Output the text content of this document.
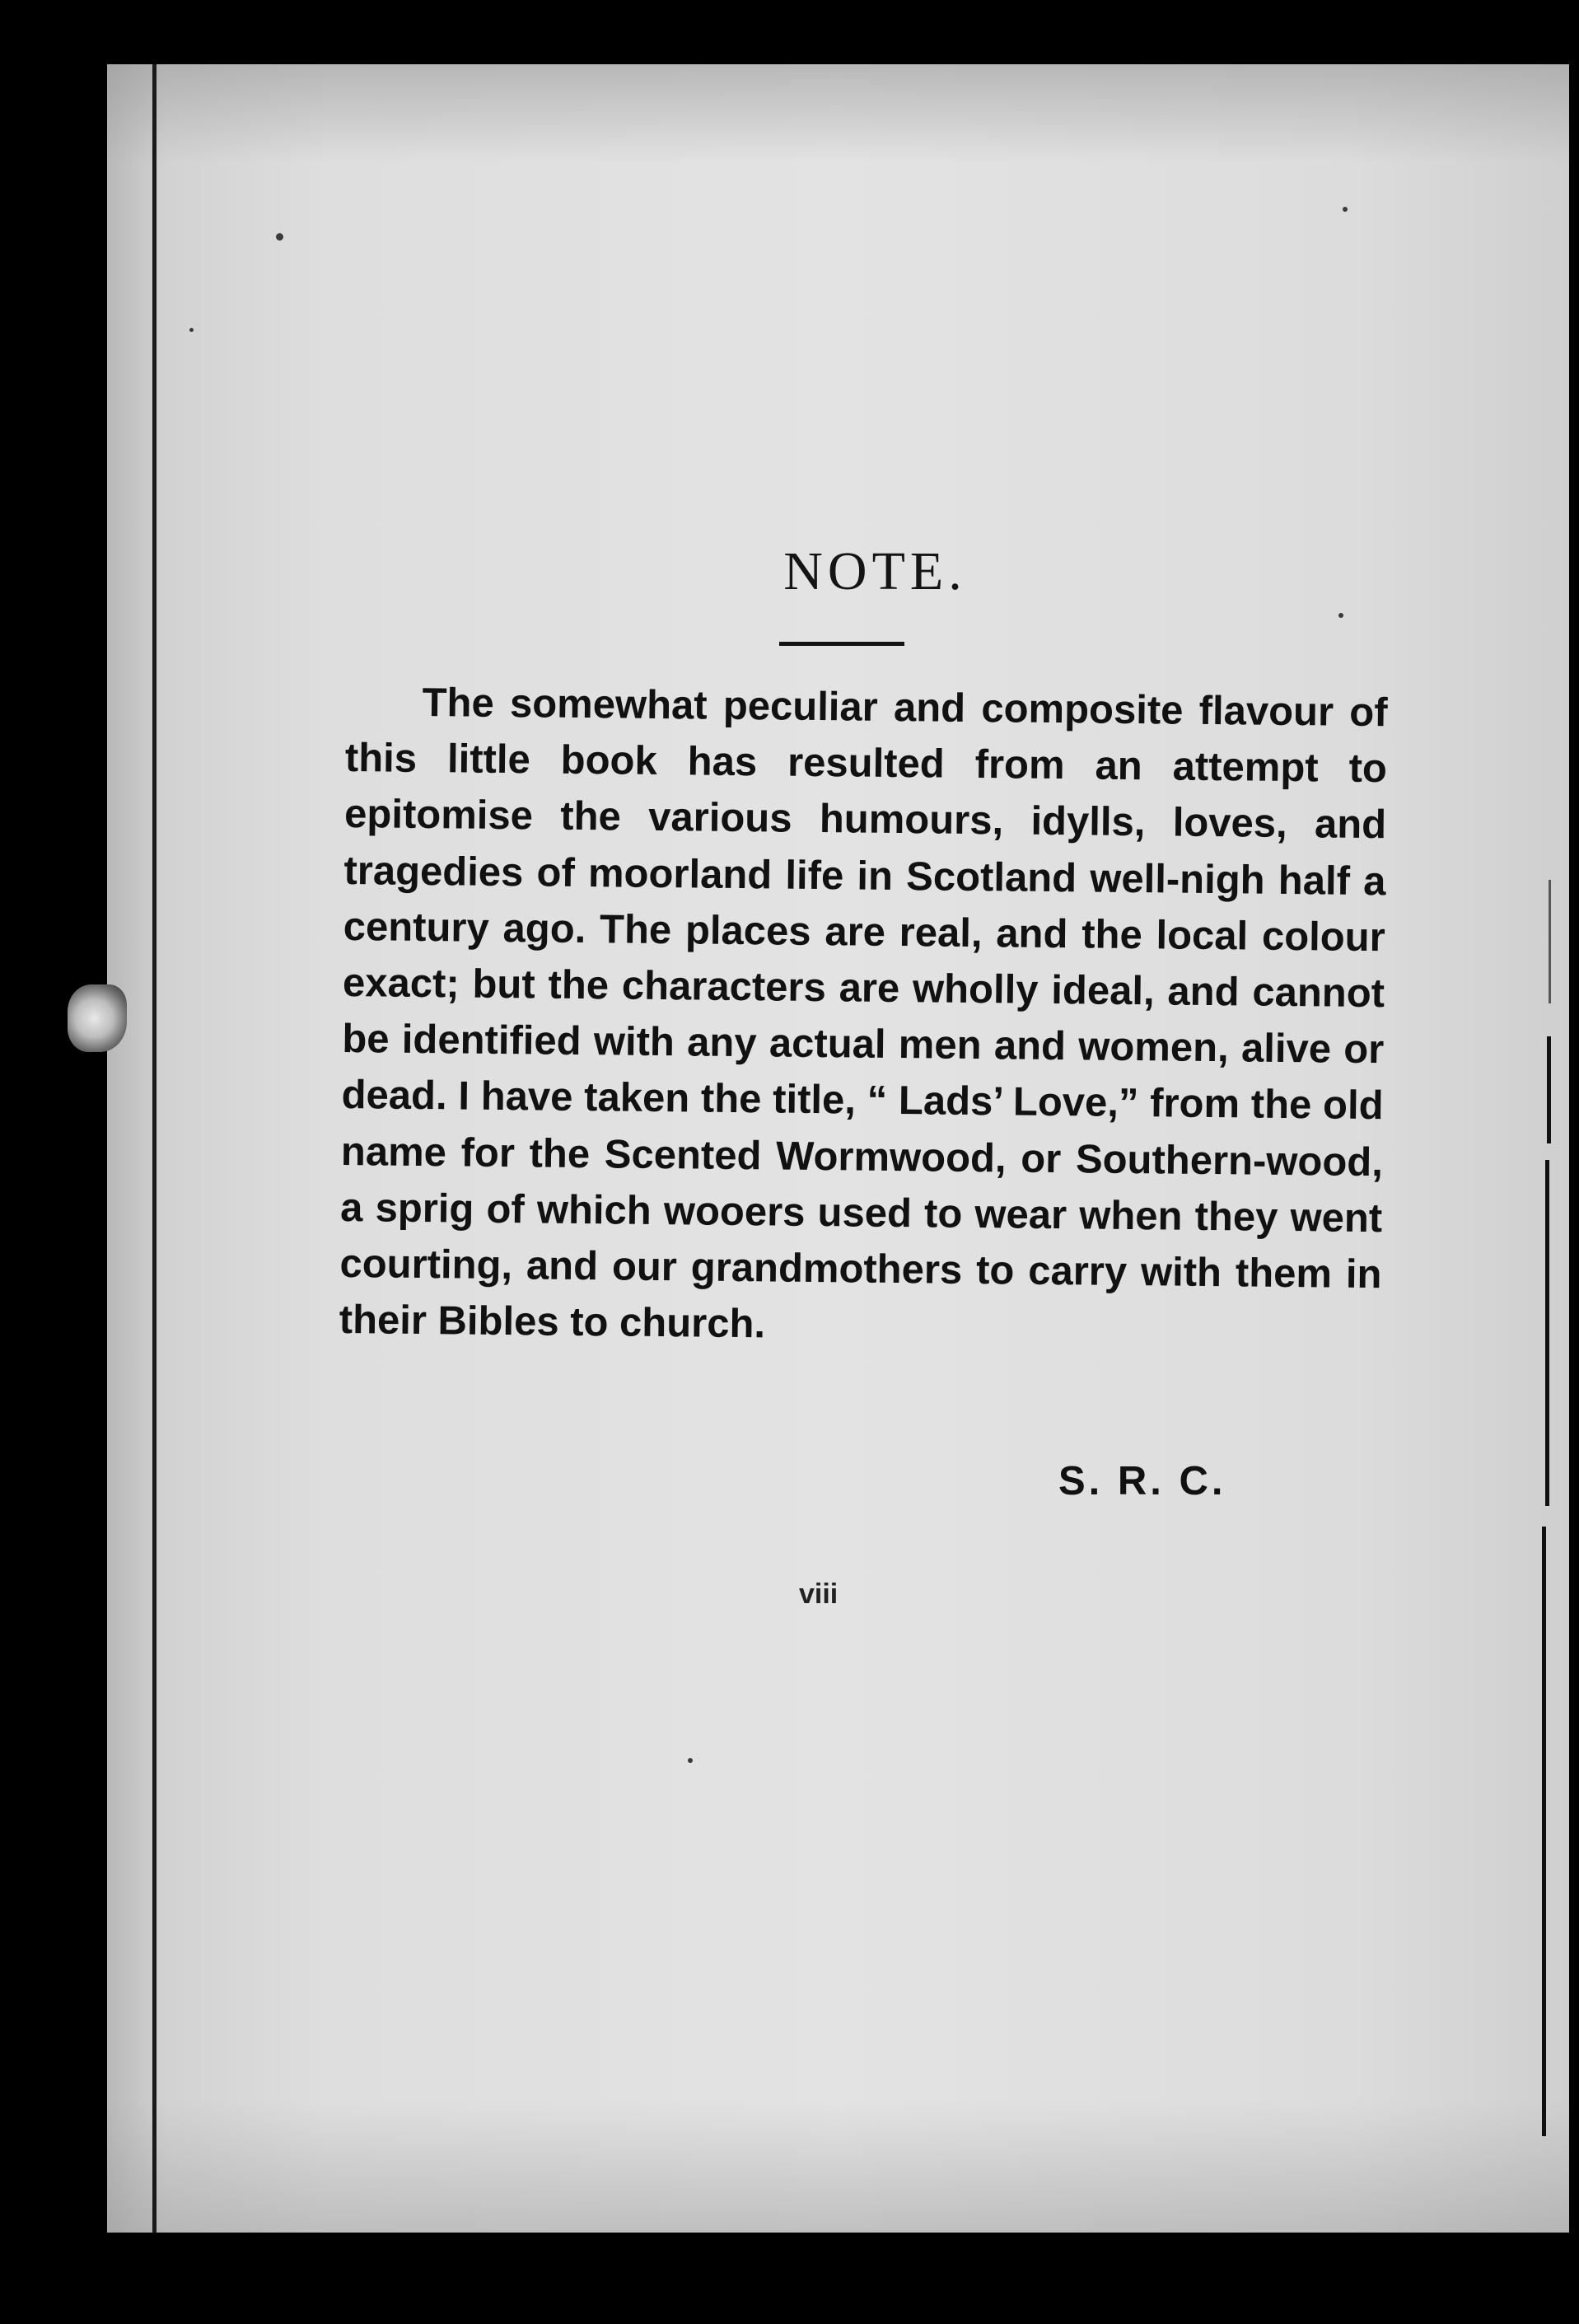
NOTE.

The somewhat peculiar and composite flavour of this little book has resulted from an attempt to epitomise the various humours, idylls, loves, and tragedies of moorland life in Scotland well-nigh half a century ago. The places are real, and the local colour exact; but the characters are wholly ideal, and cannot be identified with any actual men and women, alive or dead. I have taken the title, “ Lads’ Love,” from the old name for the Scented Wormwood, or Southern-wood, a sprig of which wooers used to wear when they went courting, and our grandmothers to carry with them in their Bibles to church.

S. R. C.

viii
